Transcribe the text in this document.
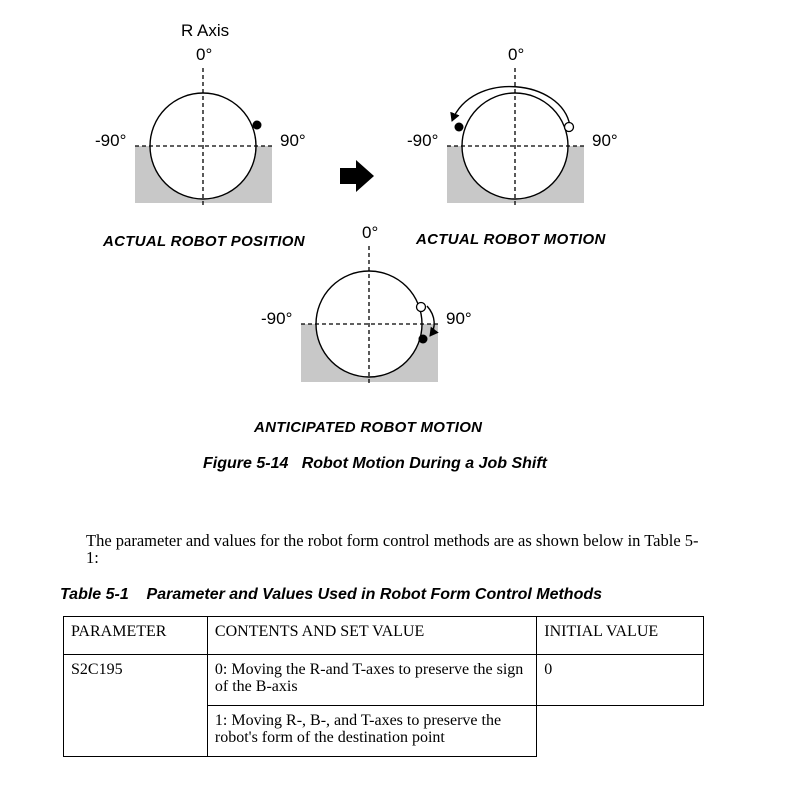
R Axis
0°
-90°	90°
0°
-90°	90°
0°
-90°	90°
ACTUAL ROBOT POSITION	ACTUAL ROBOT MOTION
ANTICIPATED ROBOT MOTION
Figure 5-14   Robot Motion During a Job Shift
The parameter and values for the robot form control methods are as shown below in Table 5-1:
Table 5-1    Parameter and Values Used in Robot Form Control Methods
PARAMETER	CONTENTS AND SET VALUE	INITIAL VALUE
S2C195	0: Moving the R-and T-axes to preserve the sign of the B-axis	0
	1: Moving R-, B-, and T-axes to preserve the robot's form of the destination point	
